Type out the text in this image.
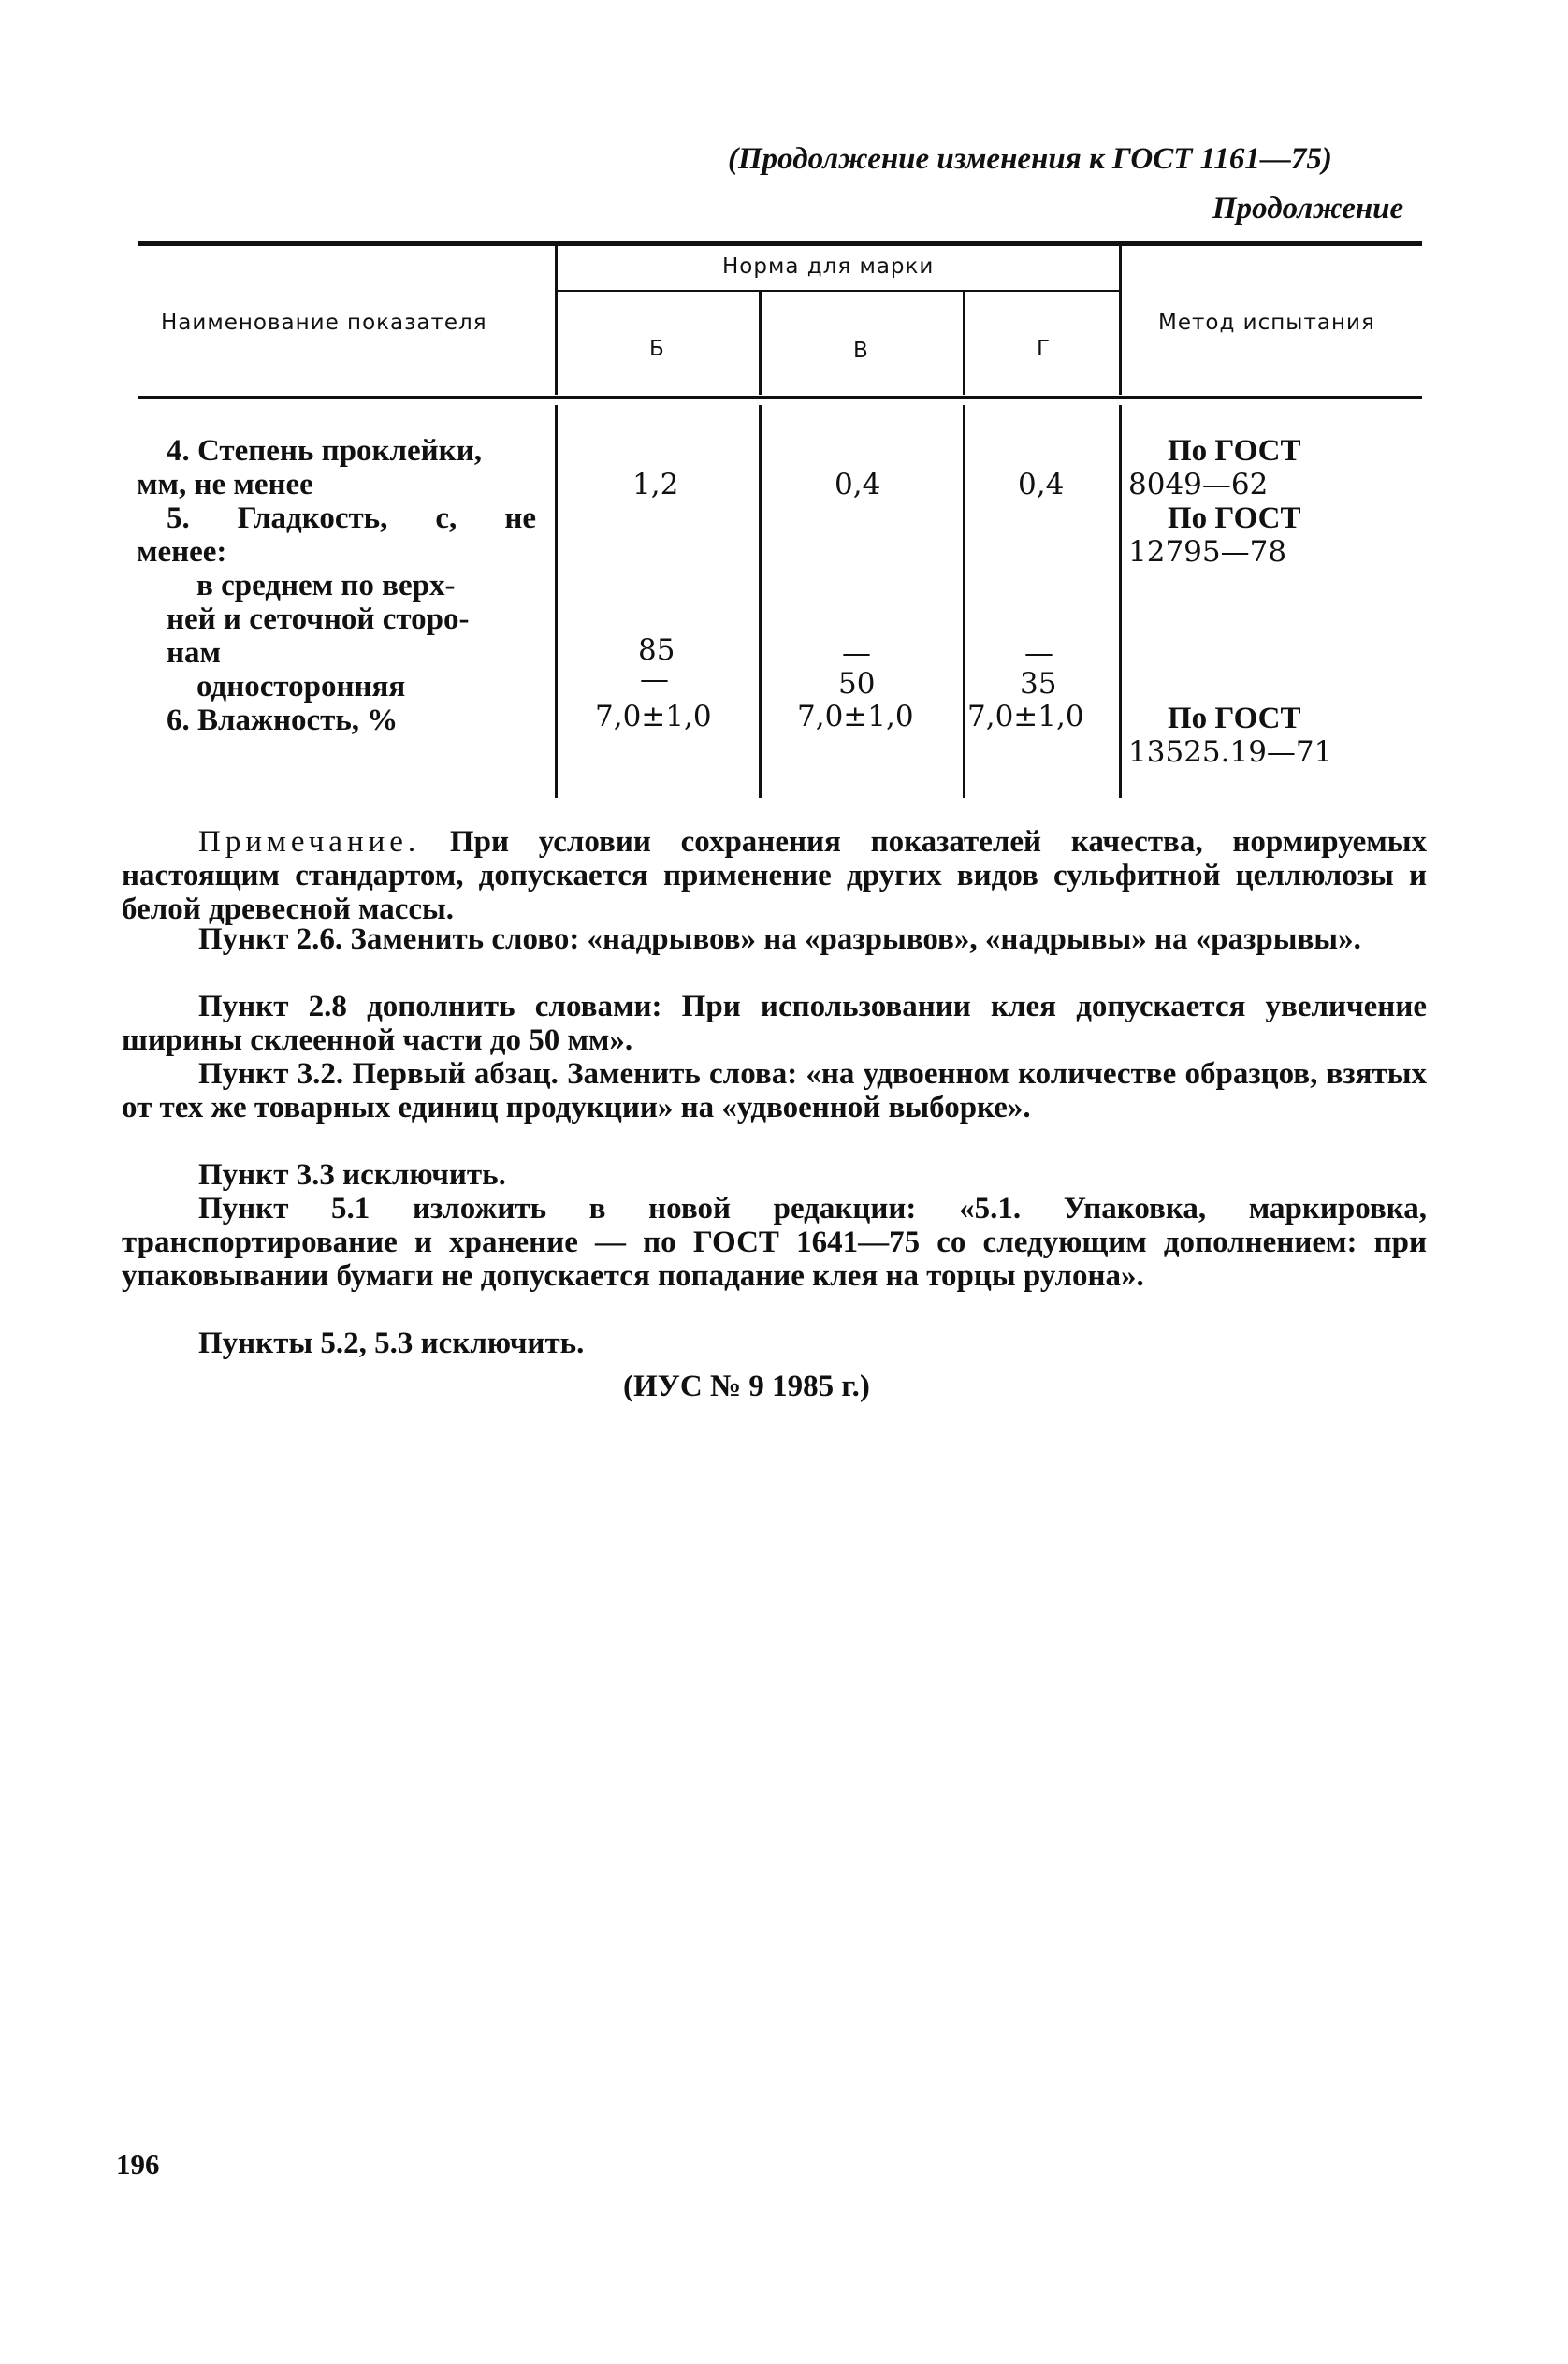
(Продолжение изменения к ГОСТ 1161—75)
Продолжение
Наименование показателя
Норма для марки
Б	В	Г
Метод испытания
4. Степень проклейки,
мм, не менее
5. Гладкость, с, не
менее:
в среднем по верх-
ней и сеточной сторо-
нам
односторонняя
6. Влажность, %
1,2
85
—
7,0±1,0
0,4
—
50
7,0±1,0
0,4
—
35
7,0±1,0
По ГОСТ
8049—62
По ГОСТ
12795—78
По ГОСТ
13525.19—71
Примечание. При условии сохранения показателей качества, нормируемых настоящим стандартом, допускается применение других видов сульфитной целлюлозы и белой древесной массы.
Пункт 2.6. Заменить слово: «надрывов» на «разрывов», «надрывы» на «разрывы».
Пункт 2.8 дополнить словами: При использовании клея допускается увеличение ширины склеенной части до 50 мм».
Пункт 3.2. Первый абзац. Заменить слова: «на удвоенном количестве образцов, взятых от тех же товарных единиц продукции» на «удвоенной выборке».
Пункт 3.3 исключить.
Пункт 5.1 изложить в новой редакции: «5.1. Упаковка, маркировка, транспортирование и хранение — по ГОСТ 1641—75 со следующим дополнением: при упаковывании бумаги не допускается попадание клея на торцы рулона».
Пункты 5.2, 5.3 исключить.
(ИУС № 9 1985 г.)
196
